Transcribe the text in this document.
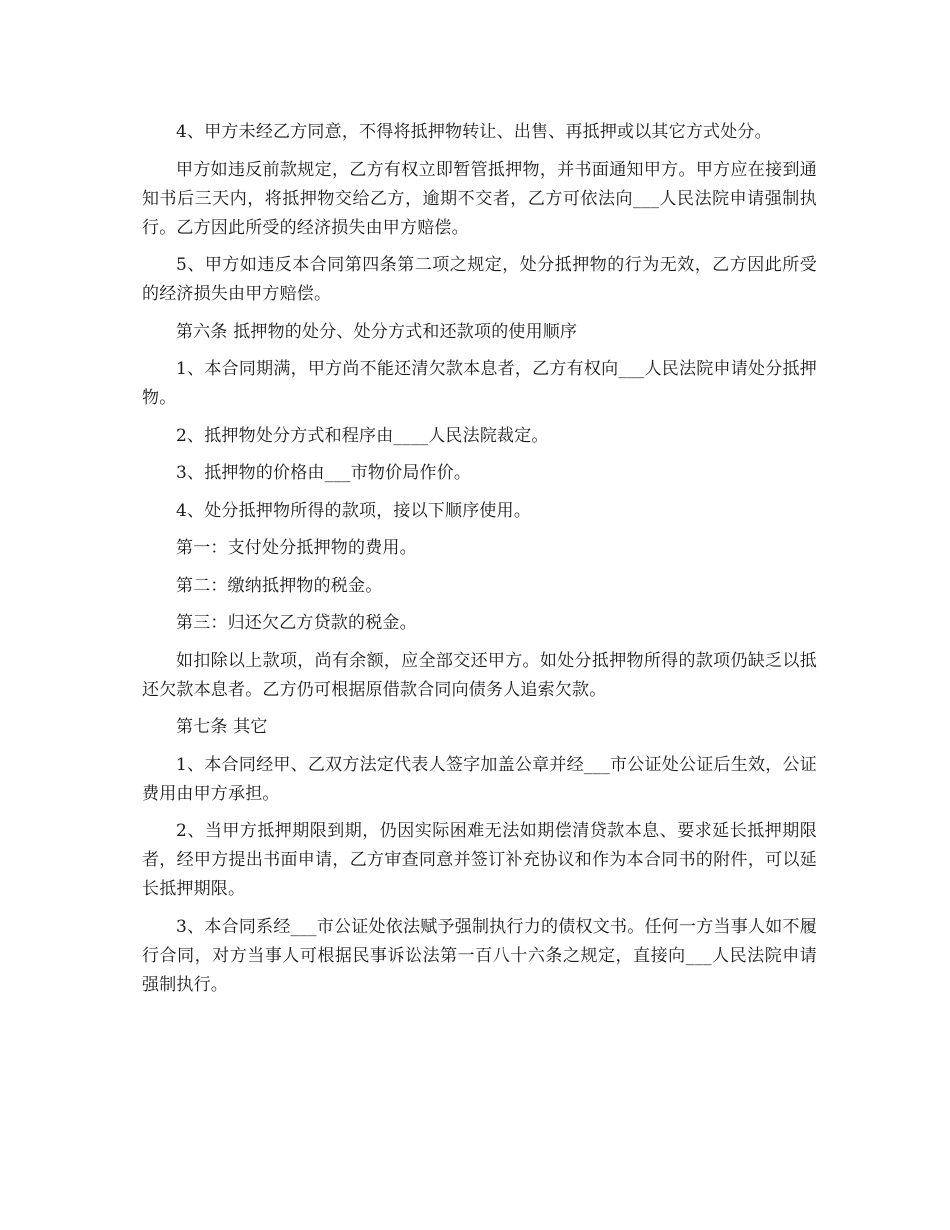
4、甲方未经乙方同意，不得将抵押物转让、出售、再抵押或以其它方式处分。

甲方如违反前款规定，乙方有权立即暂管抵押物，并书面通知甲方。甲方应在接到通知书后三天内，将抵押物交给乙方，逾期不交者，乙方可依法向___人民法院申请强制执行。乙方因此所受的经济损失由甲方赔偿。

5、甲方如违反本合同第四条第二项之规定，处分抵押物的行为无效，乙方因此所受的经济损失由甲方赔偿。

第六条 抵押物的处分、处分方式和还款项的使用顺序

1、本合同期满，甲方尚不能还清欠款本息者，乙方有权向___人民法院申请处分抵押物。

2、抵押物处分方式和程序由____人民法院裁定。

3、抵押物的价格由___市物价局作价。

4、处分抵押物所得的款项，接以下顺序使用。

第一：支付处分抵押物的费用。

第二：缴纳抵押物的税金。

第三：归还欠乙方贷款的税金。

如扣除以上款项，尚有余额，应全部交还甲方。如处分抵押物所得的款项仍缺乏以抵还欠款本息者。乙方仍可根据原借款合同向债务人追索欠款。

第七条 其它

1、本合同经甲、乙双方法定代表人签字加盖公章并经___市公证处公证后生效，公证费用由甲方承担。

2、当甲方抵押期限到期，仍因实际困难无法如期偿清贷款本息、要求延长抵押期限者，经甲方提出书面申请，乙方审查同意并签订补充协议和作为本合同书的附件，可以延长抵押期限。

3、本合同系经___市公证处依法赋予强制执行力的债权文书。任何一方当事人如不履行合同，对方当事人可根据民事诉讼法第一百八十六条之规定，直接向___人民法院申请强制执行。
